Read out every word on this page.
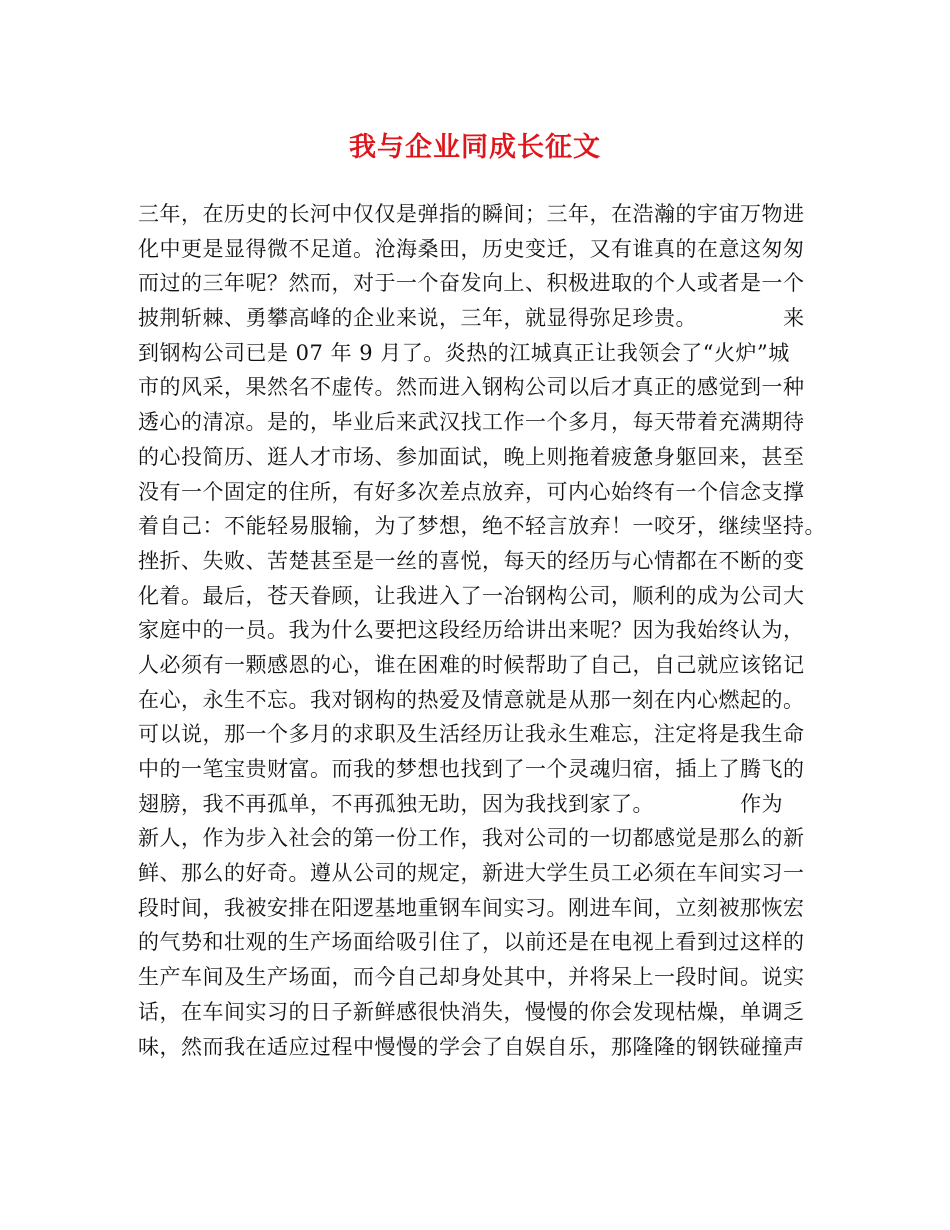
我与企业同成长征文
三年，在历史的长河中仅仅是弹指的瞬间；三年，在浩瀚的宇宙万物进
化中更是显得微不足道。沧海桑田，历史变迁，又有谁真的在意这匆匆
而过的三年呢？然而，对于一个奋发向上、积极进取的个人或者是一个
披荆斩棘、勇攀高峰的企业来说，三年，就显得弥足珍贵。            来
到钢构公司已是 07 年 9 月了。炎热的江城真正让我领会了“火炉”城
市的风采，果然名不虚传。然而进入钢构公司以后才真正的感觉到一种
透心的清凉。是的，毕业后来武汉找工作一个多月，每天带着充满期待
的心投简历、逛人才市场、参加面试，晚上则拖着疲惫身躯回来，甚至
没有一个固定的住所，有好多次差点放弃，可内心始终有一个信念支撑
着自己：不能轻易服输，为了梦想，绝不轻言放弃！一咬牙，继续坚持。
挫折、失败、苦楚甚至是一丝的喜悦，每天的经历与心情都在不断的变
化着。最后，苍天眷顾，让我进入了一冶钢构公司，顺利的成为公司大
家庭中的一员。我为什么要把这段经历给讲出来呢？因为我始终认为，
人必须有一颗感恩的心，谁在困难的时候帮助了自己，自己就应该铭记
在心，永生不忘。我对钢构的热爱及情意就是从那一刻在内心燃起的。
可以说，那一个多月的求职及生活经历让我永生难忘，注定将是我生命
中的一笔宝贵财富。而我的梦想也找到了一个灵魂归宿，插上了腾飞的
翅膀，我不再孤单，不再孤独无助，因为我找到家了。            作为
新人，作为步入社会的第一份工作，我对公司的一切都感觉是那么的新
鲜、那么的好奇。遵从公司的规定，新进大学生员工必须在车间实习一
段时间，我被安排在阳逻基地重钢车间实习。刚进车间，立刻被那恢宏
的气势和壮观的生产场面给吸引住了，以前还是在电视上看到过这样的
生产车间及生产场面，而今自己却身处其中，并将呆上一段时间。说实
话，在车间实习的日子新鲜感很快消失，慢慢的你会发现枯燥，单调乏
味，然而我在适应过程中慢慢的学会了自娱自乐，那隆隆的钢铁碰撞声
